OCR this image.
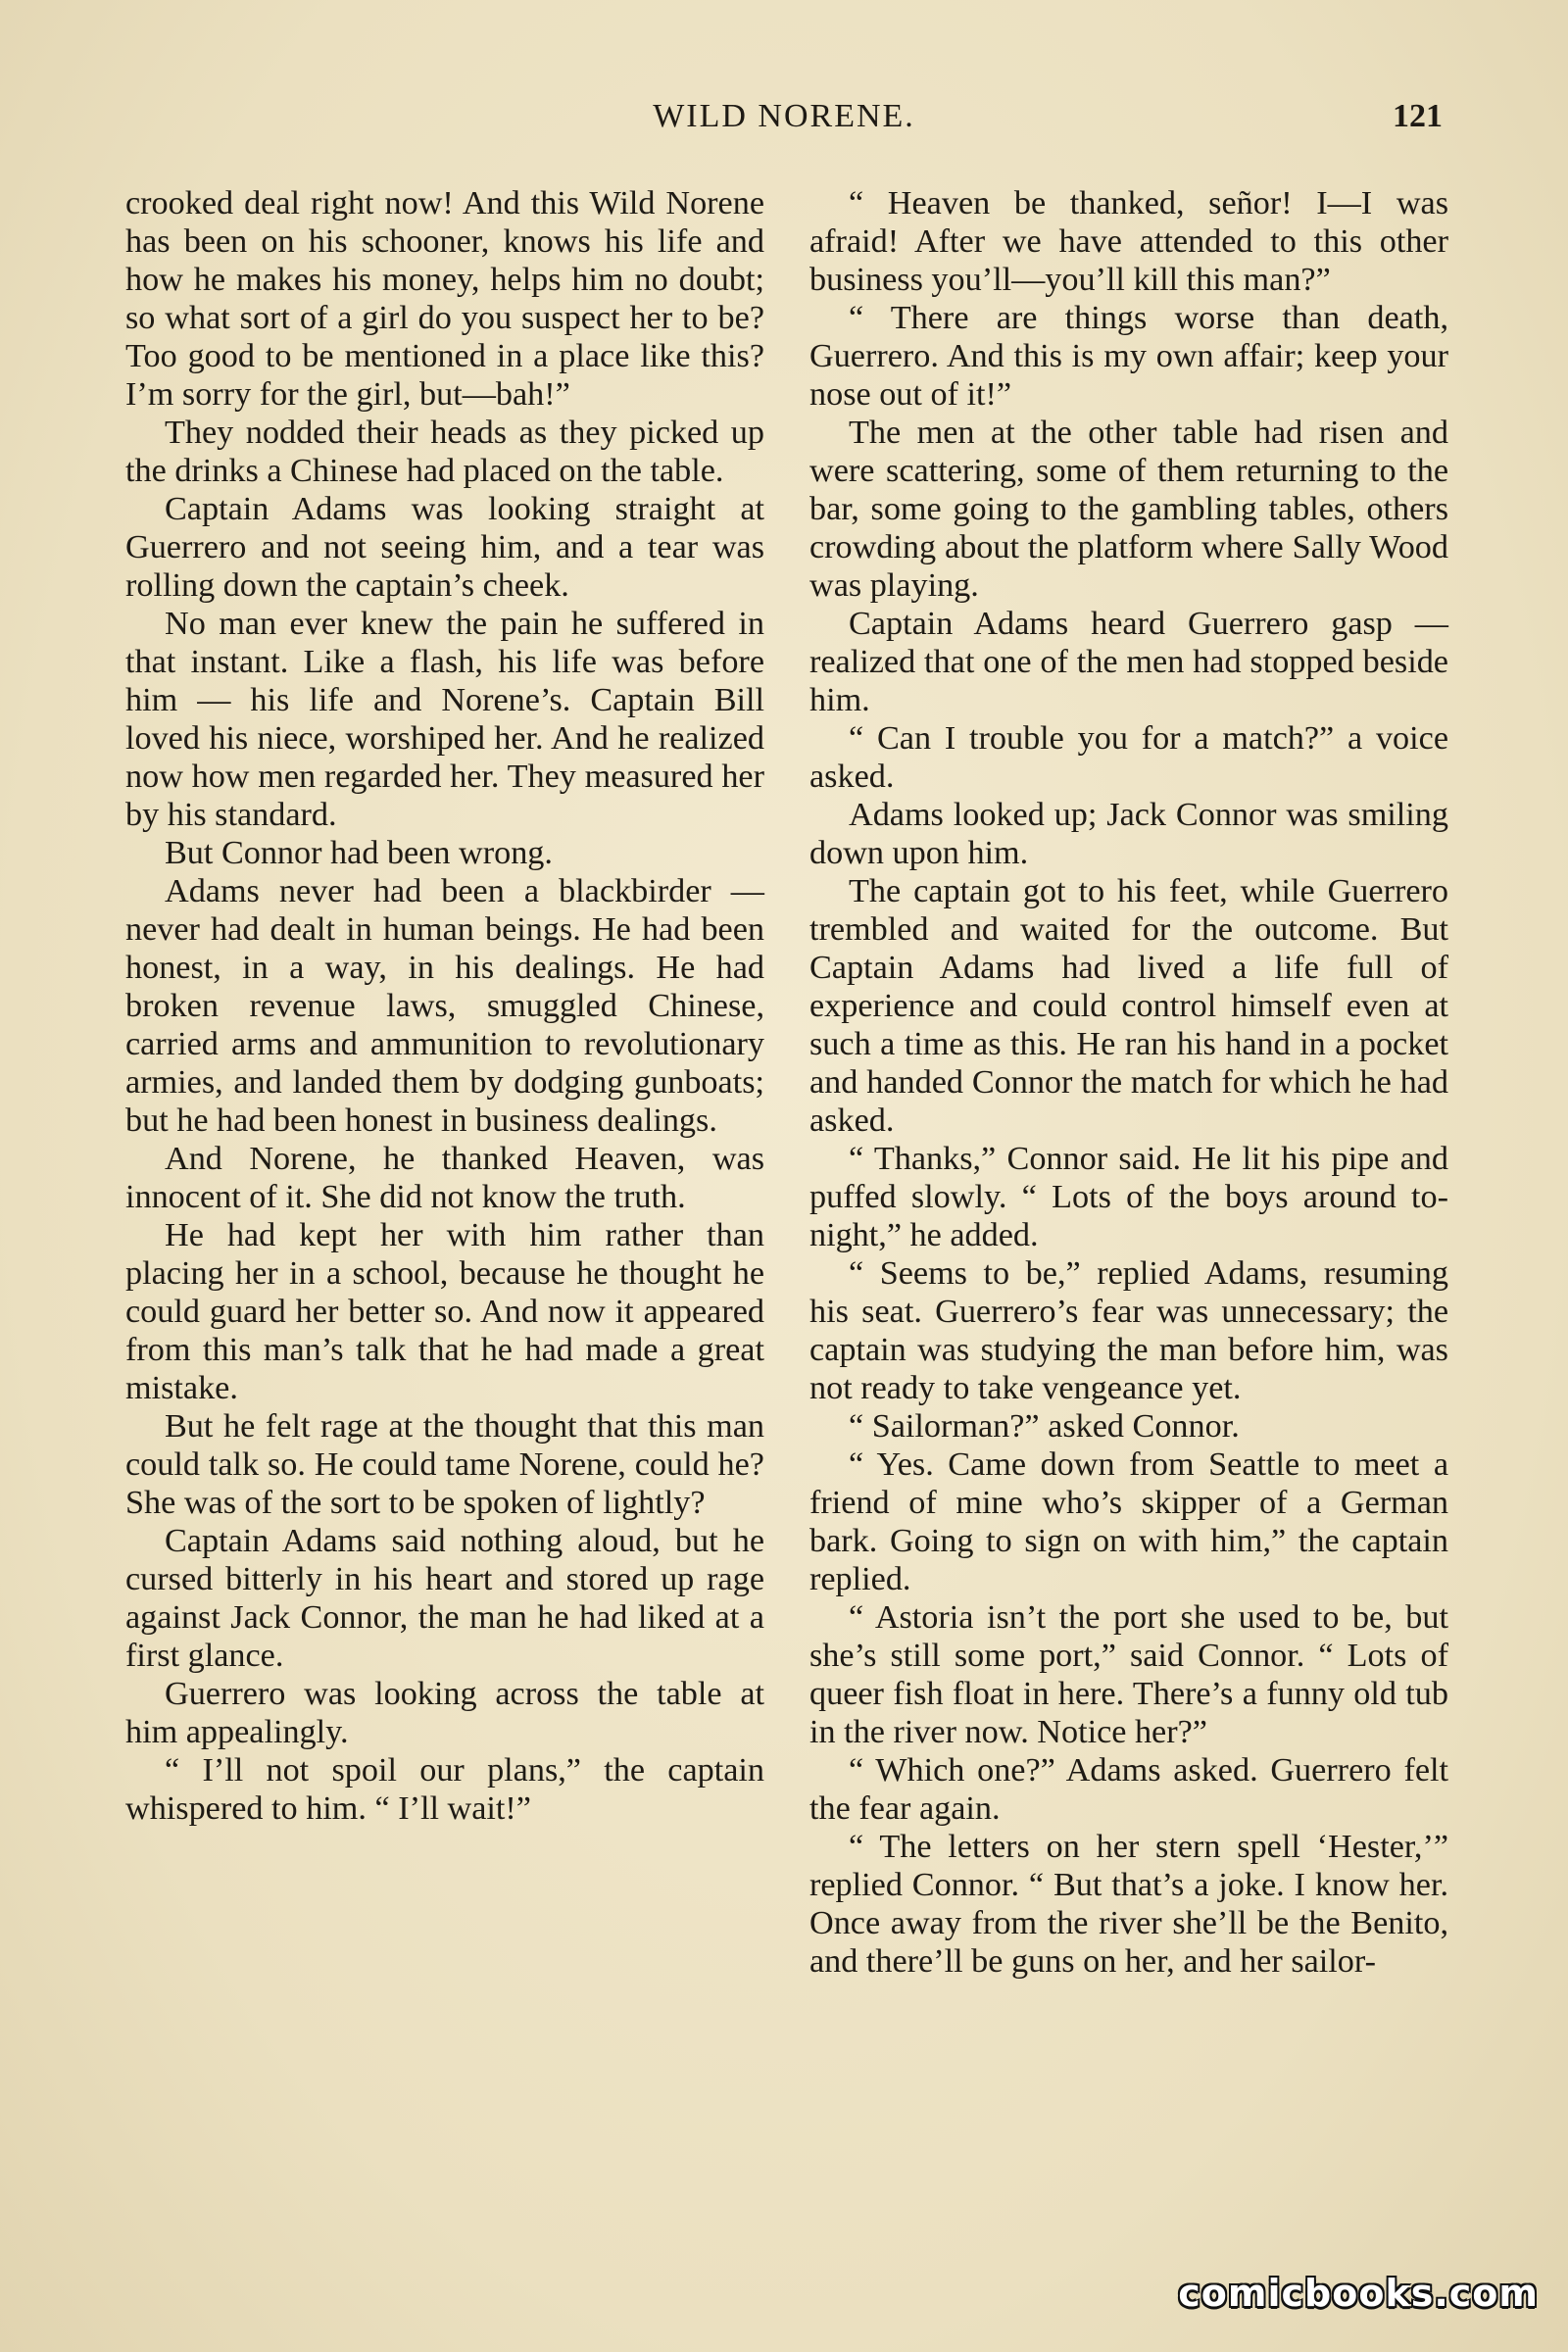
WILD NORENE.	121

crooked deal right now! And this Wild Norene has been on his schooner, knows his life and how he makes his money, helps him no doubt; so what sort of a girl do you suspect her to be? Too good to be mentioned in a place like this? I’m sorry for the girl, but—bah!”

They nodded their heads as they picked up the drinks a Chinese had placed on the table.

Captain Adams was looking straight at Guerrero and not seeing him, and a tear was rolling down the captain’s cheek.

No man ever knew the pain he suffered in that instant. Like a flash, his life was before him — his life and Norene’s. Captain Bill loved his niece, worshiped her. And he realized now how men regarded her. They measured her by his standard.

But Connor had been wrong.

Adams never had been a blackbirder —never had dealt in human beings. He had been honest, in a way, in his dealings. He had broken revenue laws, smuggled Chinese, carried arms and ammunition to revolutionary armies, and landed them by dodging gunboats; but he had been honest in business dealings.

And Norene, he thanked Heaven, was innocent of it. She did not know the truth.

He had kept her with him rather than placing her in a school, because he thought he could guard her better so. And now it appeared from this man’s talk that he had made a great mistake.

But he felt rage at the thought that this man could talk so. He could tame Norene, could he? She was of the sort to be spoken of lightly?

Captain Adams said nothing aloud, but he cursed bitterly in his heart and stored up rage against Jack Connor, the man he had liked at a first glance.

Guerrero was looking across the table at him appealingly.

“ I’ll not spoil our plans,” the captain whispered to him. “ I’ll wait!”

“ Heaven be thanked, señor! I—I was afraid! After we have attended to this other business you’ll—you’ll kill this man?”

“ There are things worse than death, Guerrero. And this is my own affair; keep your nose out of it!”

The men at the other table had risen and were scattering, some of them returning to the bar, some going to the gambling tables, others crowding about the platform where Sally Wood was playing.

Captain Adams heard Guerrero gasp —realized that one of the men had stopped beside him.

“ Can I trouble you for a match?” a voice asked.

Adams looked up; Jack Connor was smiling down upon him.

The captain got to his feet, while Guerrero trembled and waited for the outcome. But Captain Adams had lived a life full of experience and could control himself even at such a time as this. He ran his hand in a pocket and handed Connor the match for which he had asked.

“ Thanks,” Connor said. He lit his pipe and puffed slowly. “ Lots of the boys around to-night,” he added.

“ Seems to be,” replied Adams, resuming his seat. Guerrero’s fear was unnecessary; the captain was studying the man before him, was not ready to take vengeance yet.

“ Sailorman?” asked Connor.

“ Yes. Came down from Seattle to meet a friend of mine who’s skipper of a German bark. Going to sign on with him,” the captain replied.

“ Astoria isn’t the port she used to be, but she’s still some port,” said Connor. “ Lots of queer fish float in here. There’s a funny old tub in the river now. Notice her?”

“ Which one?” Adams asked. Guerrero felt the fear again.

“ The letters on her stern spell ‘Hester,’” replied Connor. “ But that’s a joke. I know her. Once away from the river she’ll be the Benito, and there’ll be guns on her, and her sailor-

comicbooks.com
